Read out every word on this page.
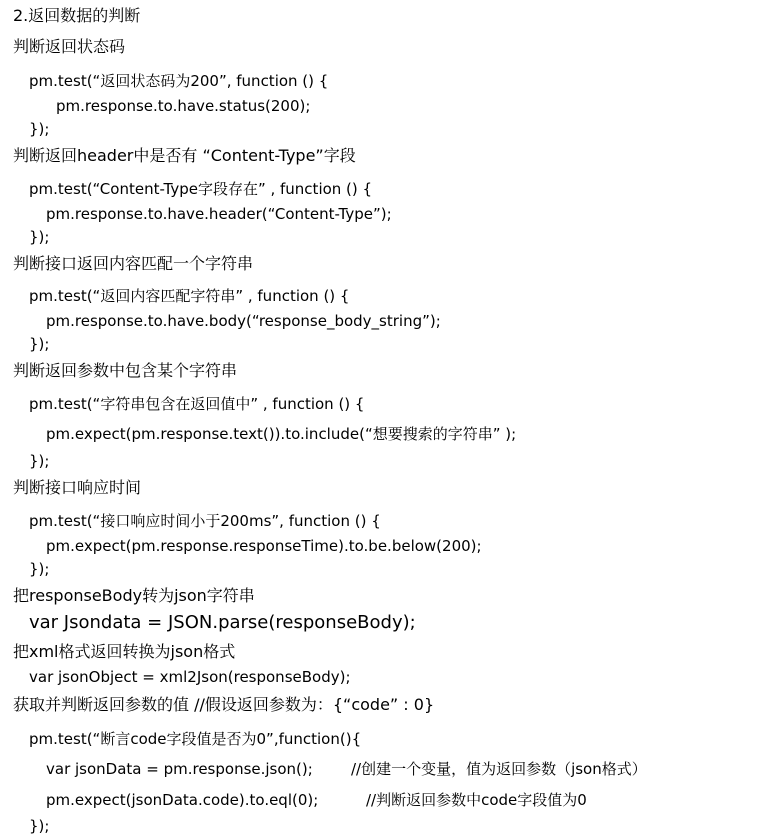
2.返回数据的判断
判断返回状态码
pm.test(“返回状态码为200”, function () {
pm.response.to.have.status(200);
});
判断返回header中是否有 “Content-Type”字段
pm.test(“Content-Type字段存在” , function () {
pm.response.to.have.header(“Content-Type”);
});
判断接口返回内容匹配一个字符串
pm.test(“返回内容匹配字符串” , function () {
pm.response.to.have.body(“response_body_string”);
});
判断返回参数中包含某个字符串
pm.test(“字符串包含在返回值中” , function () {
pm.expect(pm.response.text()).to.include(“想要搜索的字符串” );
});
判断接口响应时间
pm.test(“接口响应时间小于200ms”, function () {
pm.expect(pm.response.responseTime).to.be.below(200);
});
把responseBody转为json字符串
var Jsondata = JSON.parse(responseBody);
把xml格式返回转换为json格式
var jsonObject = xml2Json(responseBody);
获取并判断返回参数的值 //假设返回参数为：{“code” : 0}
pm.test(“断言code字段值是否为0”,function(){
var jsonData = pm.response.json();        //创建一个变量，值为返回参数（json格式）
pm.expect(jsonData.code).to.eql(0);          //判断返回参数中code字段值为0
});
